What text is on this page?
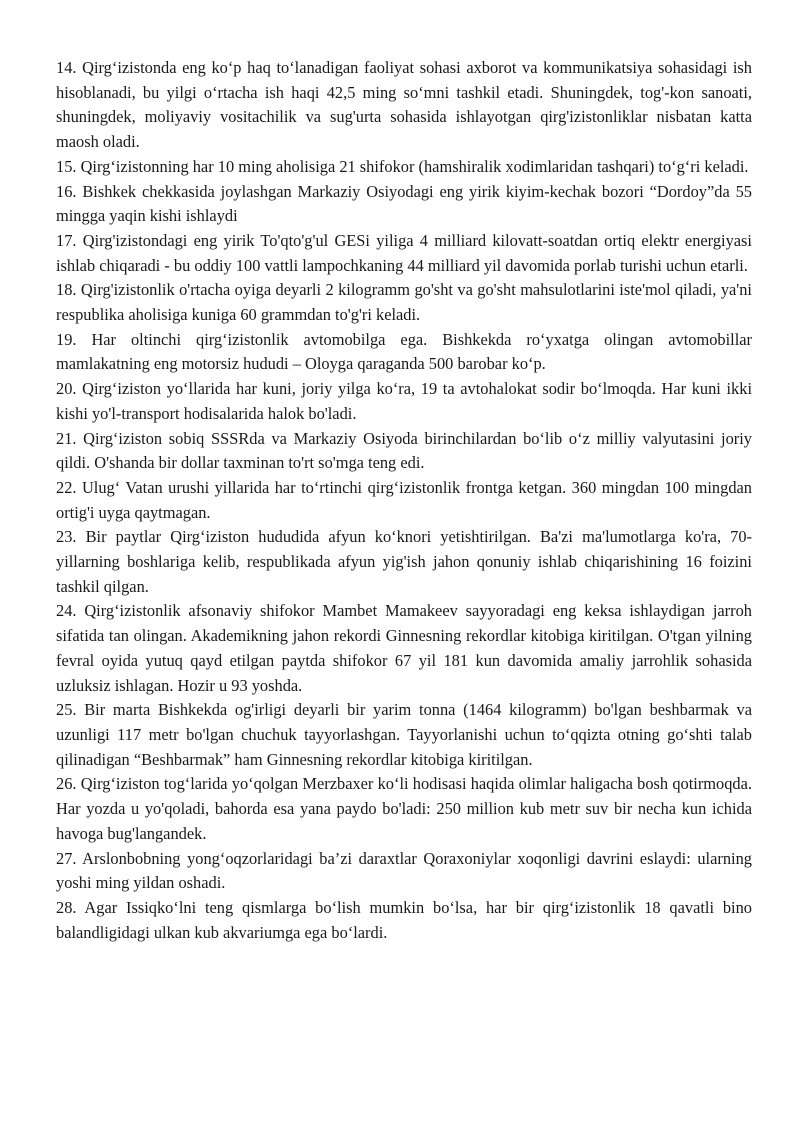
14. Qirg‘izistonda eng ko‘p haq to‘lanadigan faoliyat sohasi axborot va kommunikatsiya sohasidagi ish hisoblanadi, bu yilgi o‘rtacha ish haqi 42,5 ming so‘mni tashkil etadi. Shuningdek, tog'-kon sanoati, shuningdek, moliyaviy vositachilik va sug'urta sohasida ishlayotgan qirg'izistonliklar nisbatan katta maosh oladi.

15. Qirg‘izistonning har 10 ming aholisiga 21 shifokor (hamshiralik xodimlaridan tashqari) to‘g‘ri keladi.

16. Bishkek chekkasida joylashgan Markaziy Osiyodagi eng yirik kiyim-kechak bozori “Dordoy”da 55 mingga yaqin kishi ishlaydi

17. Qirg'izistondagi eng yirik To'qto'g'ul GESi yiliga 4 milliard kilovatt-soatdan ortiq elektr energiyasi ishlab chiqaradi - bu oddiy 100 vattli lampochkaning 44 milliard yil davomida porlab turishi uchun etarli.

18. Qirg'izistonlik o'rtacha oyiga deyarli 2 kilogramm go'sht va go'sht mahsulotlarini iste'mol qiladi, ya'ni respublika aholisiga kuniga 60 grammdan to'g'ri keladi.

19. Har oltinchi qirg‘izistonlik avtomobilga ega. Bishkekda ro‘yxatga olingan avtomobillar mamlakatning eng motorsiz hududi – Oloyga qaraganda 500 barobar ko‘p.

20. Qirg‘iziston yo‘llarida har kuni, joriy yilga ko‘ra, 19 ta avtohalokat sodir bo‘lmoqda. Har kuni ikki kishi yo'l-transport hodisalarida halok bo'ladi.

21. Qirg‘iziston sobiq SSSRda va Markaziy Osiyoda birinchilardan bo‘lib o‘z milliy valyutasini joriy qildi. O'shanda bir dollar taxminan to'rt so'mga teng edi.

22. Ulug‘ Vatan urushi yillarida har to‘rtinchi qirg‘izistonlik frontga ketgan. 360 mingdan 100 mingdan ortig'i uyga qaytmagan.

23. Bir paytlar Qirg‘iziston hududida afyun ko‘knori yetishtirilgan. Ba'zi ma'lumotlarga ko'ra, 70-yillarning boshlariga kelib, respublikada afyun yig'ish jahon qonuniy ishlab chiqarishining 16 foizini tashkil qilgan.

24. Qirg‘izistonlik afsonaviy shifokor Mambet Mamakeev sayyoradagi eng keksa ishlaydigan jarroh sifatida tan olingan. Akademikning jahon rekordi Ginnesning rekordlar kitobiga kiritilgan. O'tgan yilning fevral oyida yutuq qayd etilgan paytda shifokor 67 yil 181 kun davomida amaliy jarrohlik sohasida uzluksiz ishlagan. Hozir u 93 yoshda.

25. Bir marta Bishkekda og'irligi deyarli bir yarim tonna (1464 kilogramm) bo'lgan beshbarmak va uzunligi 117 metr bo'lgan chuchuk tayyorlashgan. Tayyorlanishi uchun to‘qqizta otning go‘shti talab qilinadigan “Beshbarmak” ham Ginnesning rekordlar kitobiga kiritilgan.

26. Qirg‘iziston tog‘larida yo‘qolgan Merzbaxer ko‘li hodisasi haqida olimlar haligacha bosh qotirmoqda. Har yozda u yo'qoladi, bahorda esa yana paydo bo'ladi: 250 million kub metr suv bir necha kun ichida havoga bug'langandek.

27. Arslonbobning yong‘oqzorlaridagi ba’zi daraxtlar Qoraxoniylar xoqonligi davrini eslaydi: ularning yoshi ming yildan oshadi.

28. Agar Issiqko‘lni teng qismlarga bo‘lish mumkin bo‘lsa, har bir qirg‘izistonlik 18 qavatli bino balandligidagi ulkan kub akvariumga ega bo‘lardi.
